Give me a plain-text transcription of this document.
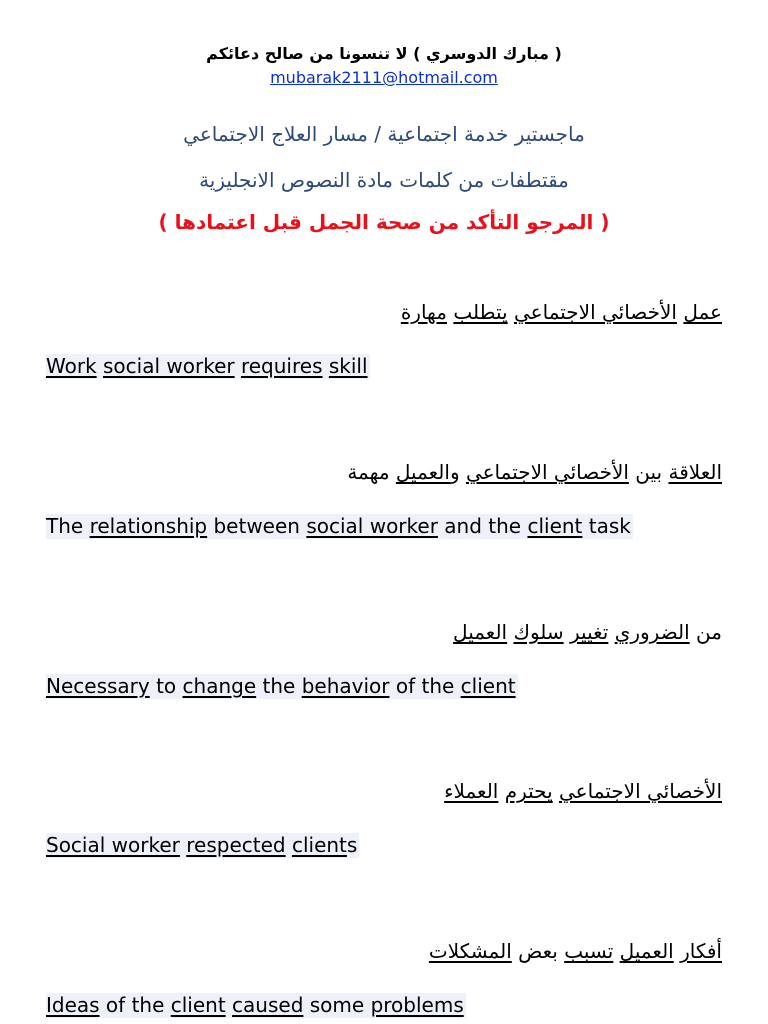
( مبارك الدوسري ) لا تنسونا من صالح دعائكم
mubarak2111@hotmail.com
ماجستير خدمة اجتماعية / مسار العلاج الاجتماعي
مقتطفات من كلمات مادة النصوص الانجليزية
( المرجو التأكد من صحة الجمل قبل اعتمادها )
عمل الأخصائي الاجتماعي يتطلب مهارة
Work social worker requires skill
العلاقة بين الأخصائي الاجتماعي والعميل مهمة
The relationship between social worker and the client task
من الضروري تغيير سلوك العميل
Necessary to change the behavior of the client
الأخصائي الاجتماعي يحترم العملاء
Social worker respected clients
أفكار العميل تسبب بعض المشكلات
Ideas of the client caused some problems
